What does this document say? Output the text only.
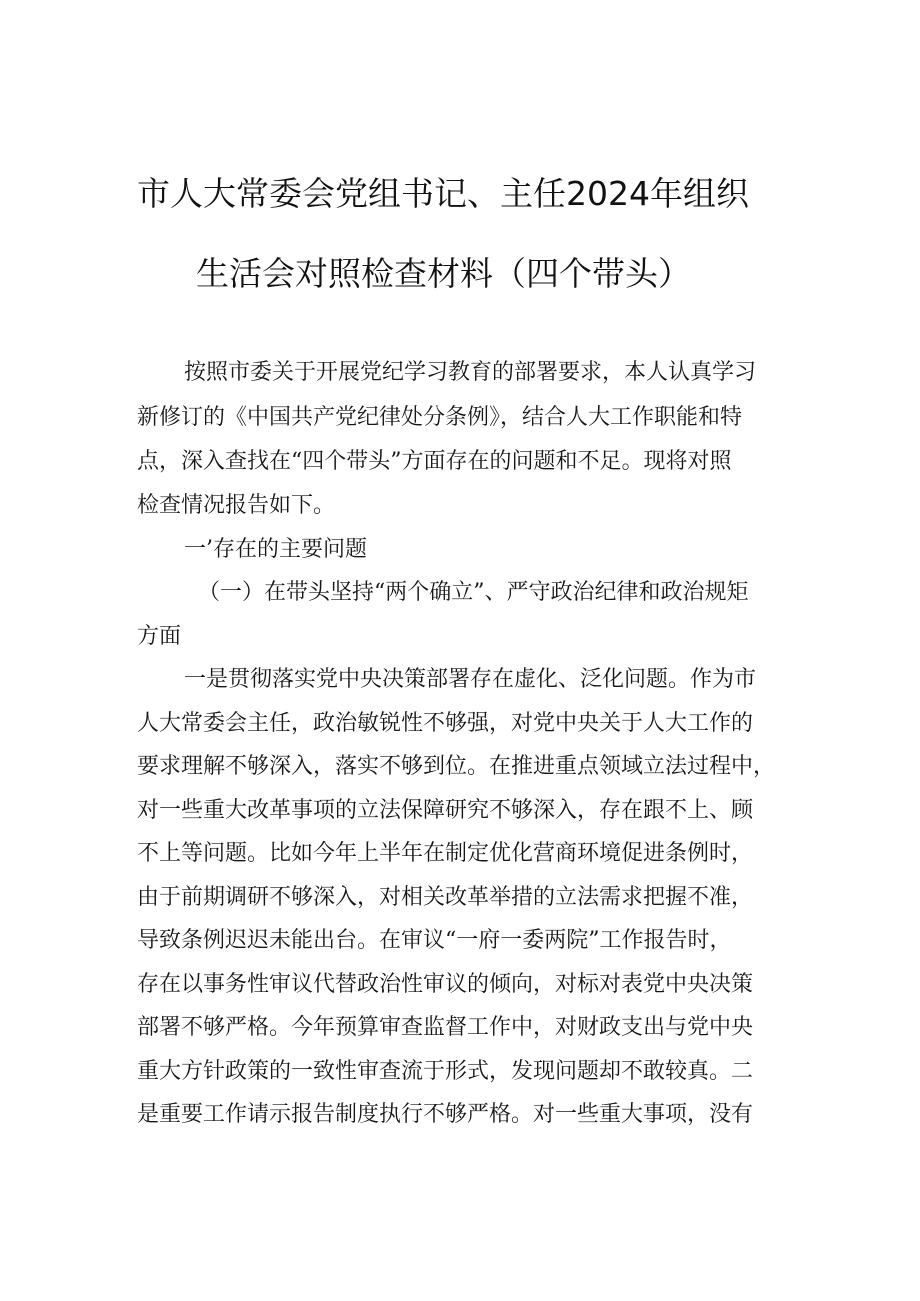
市人大常委会党组书记、主任2024年组织
生活会对照检查材料（四个带头）
按照市委关于开展党纪学习教育的部署要求，本人认真学习
新修订的《中国共产党纪律处分条例》，结合人大工作职能和特
点，深入查找在“四个带头”方面存在的问题和不足。现将对照
检查情况报告如下。
一’存在的主要问题
（一）在带头坚持“两个确立”、严守政治纪律和政治规矩
方面
一是贯彻落实党中央决策部署存在虚化、泛化问题。作为市
人大常委会主任，政治敏锐性不够强，对党中央关于人大工作的
要求理解不够深入，落实不够到位。在推进重点领域立法过程中，
对一些重大改革事项的立法保障研究不够深入，存在跟不上、顾
不上等问题。比如今年上半年在制定优化营商环境促进条例时，
由于前期调研不够深入，对相关改革举措的立法需求把握不准，
导致条例迟迟未能出台。在审议“一府一委两院”工作报告时，
存在以事务性审议代替政治性审议的倾向，对标对表党中央决策
部署不够严格。今年预算审查监督工作中，对财政支出与党中央
重大方针政策的一致性审查流于形式，发现问题却不敢较真。二
是重要工作请示报告制度执行不够严格。对一些重大事项，没有
